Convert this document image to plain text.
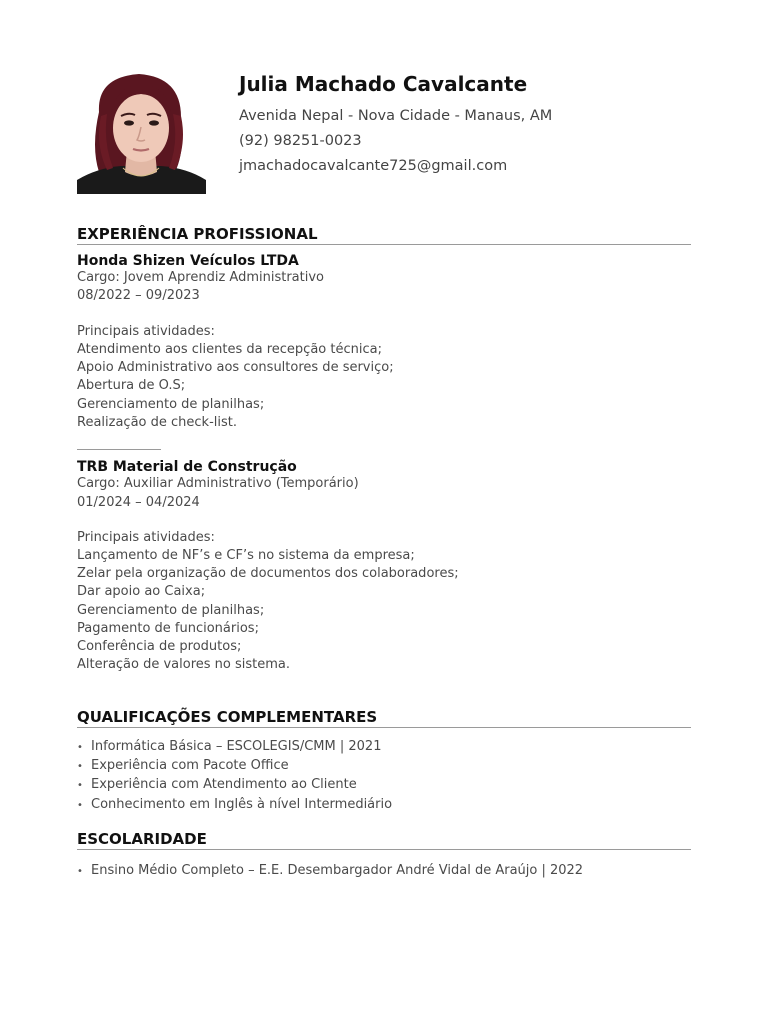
Julia Machado Cavalcante
Avenida Nepal - Nova Cidade - Manaus, AM
(92) 98251-0023
jmachadocavalcante725@gmail.com
EXPERIÊNCIA PROFISSIONAL
Honda Shizen Veículos LTDA
Cargo: Jovem Aprendiz Administrativo
08/2022 – 09/2023
Principais atividades:
Atendimento aos clientes da recepção técnica;
Apoio Administrativo aos consultores de serviço;
Abertura de O.S;
Gerenciamento de planilhas;
Realização de check-list.
TRB Material de Construção
Cargo: Auxiliar Administrativo (Temporário)
01/2024 – 04/2024
Principais atividades:
Lançamento de NF’s e CF’s no sistema da empresa;
Zelar pela organização de documentos dos colaboradores;
Dar apoio ao Caixa;
Gerenciamento de planilhas;
Pagamento de funcionários;
Conferência de produtos;
Alteração de valores no sistema.
QUALIFICAÇÕES COMPLEMENTARES
• Informática Básica – ESCOLEGIS/CMM | 2021
• Experiência com Pacote Office
• Experiência com Atendimento ao Cliente
• Conhecimento em Inglês à nível Intermediário
ESCOLARIDADE
• Ensino Médio Completo – E.E. Desembargador André Vidal de Araújo | 2022
